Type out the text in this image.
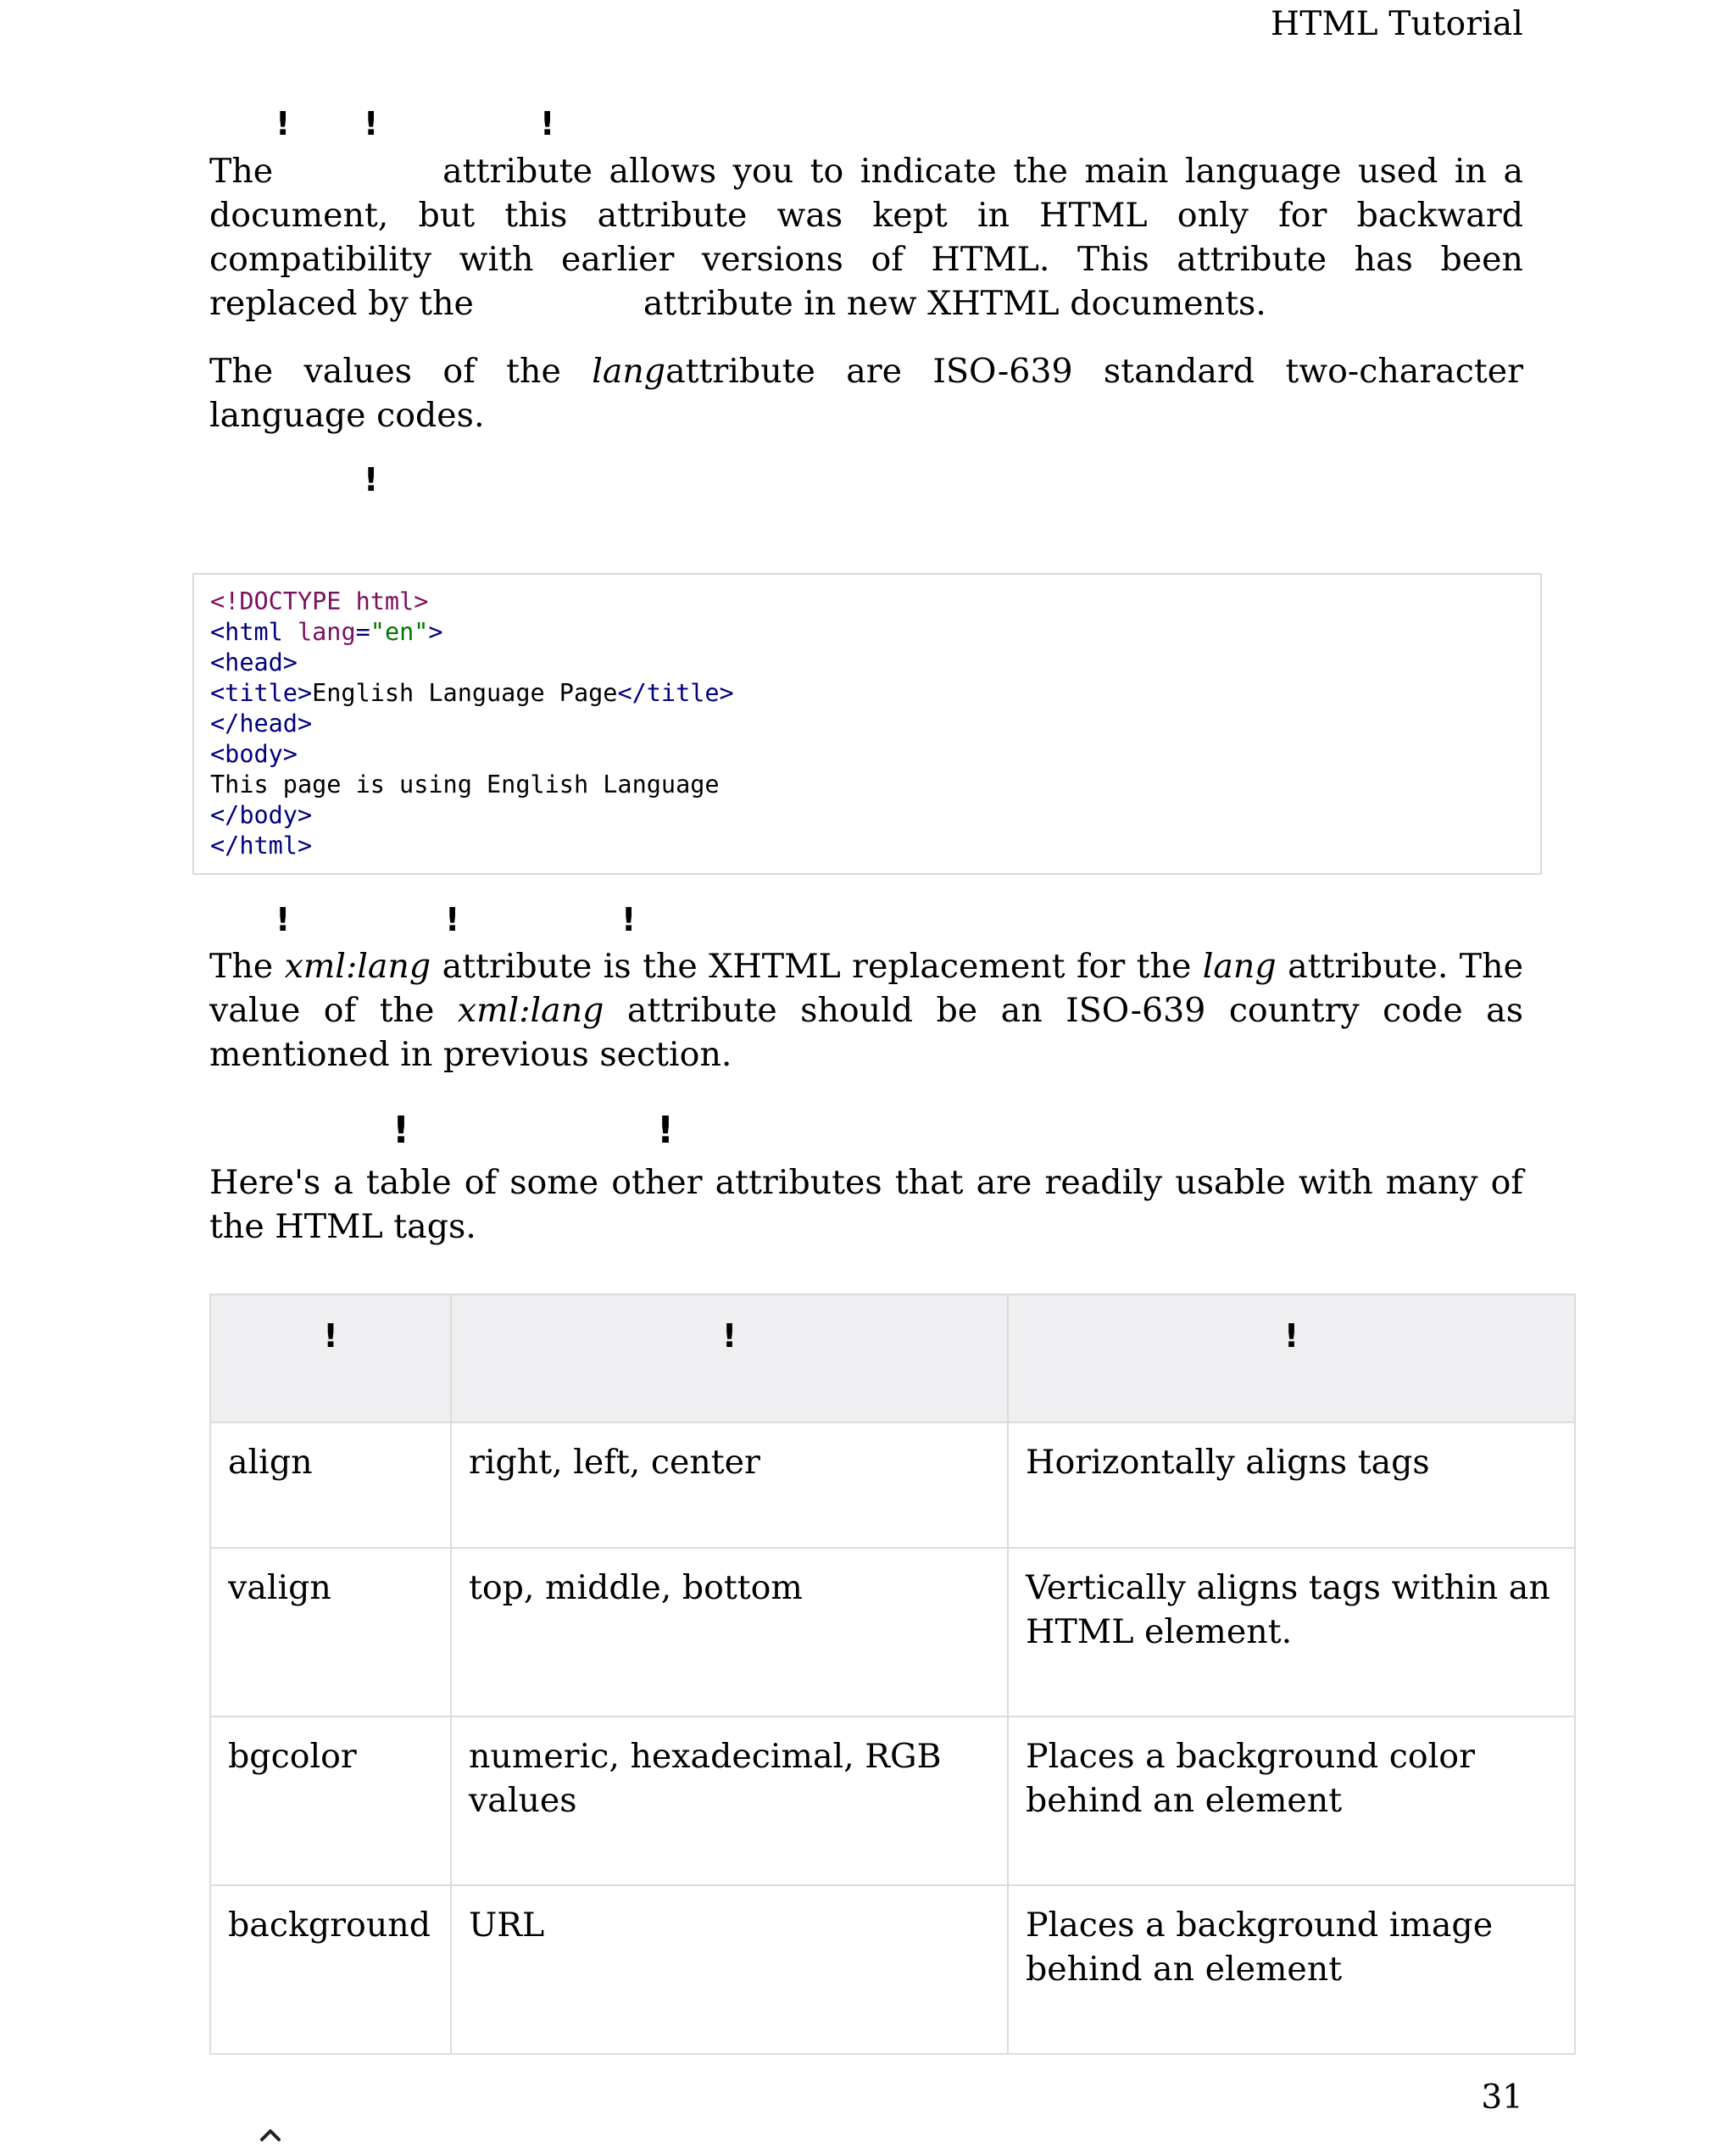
HTML Tutorial
! !	!
The	attribute allows you to indicate the main language used in a document, but this attribute was kept in HTML only for backward compatibility with earlier versions of HTML. This attribute has been replaced by the	attribute in new XHTML documents.
The values of the langattribute are ISO-639 standard two-character language codes.
!
!	!	!
The xml:lang attribute is the XHTML replacement for the lang attribute. The value of the xml:lang attribute should be an ISO-639 country code as mentioned in previous section.
!	!
Here's a table of some other attributes that are readily usable with many of the HTML tags.
<!DOCTYPE html>
<html lang="en">
<head>
<title>English Language Page</title>
</head>
<body>
This page is using English Language
</body>
</html>
!	!	!
align	right, left, center	Horizontally aligns tags
valign	top, middle, bottom	Vertically aligns tags within an HTML element.
bgcolor	numeric, hexadecimal, RGB values	Places a background color behind an element
background	URL	Places a background image behind an element
31
